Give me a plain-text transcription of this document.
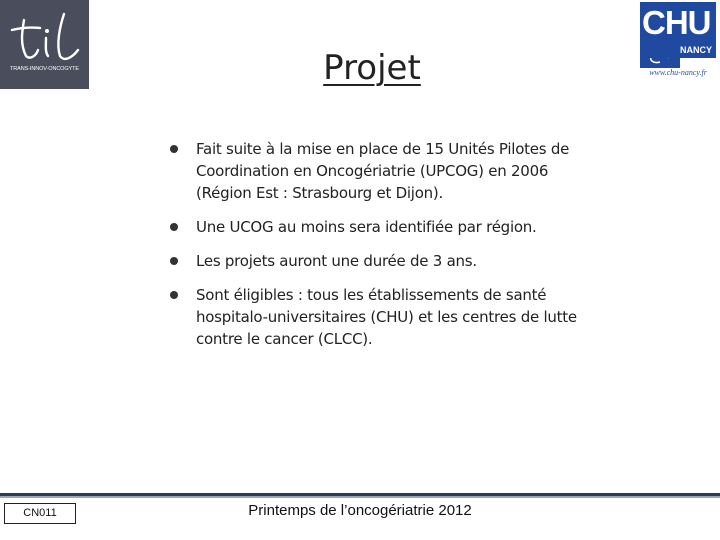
TRANS-INNOV-ONCOGYTE
CHU
NANCY
www.chu-nancy.fr
Projet
Fait suite à la mise en place de 15 Unités Pilotes de Coordination en Oncogériatrie (UPCOG) en 2006 (Région Est : Strasbourg et Dijon).
Une UCOG au moins sera identifiée par région.
Les projets auront une durée de 3 ans.
Sont éligibles : tous les établissements de santé hospitalo-universitaires (CHU) et les centres de lutte contre le cancer (CLCC).
CN011	Printemps de l’oncogériatrie 2012
